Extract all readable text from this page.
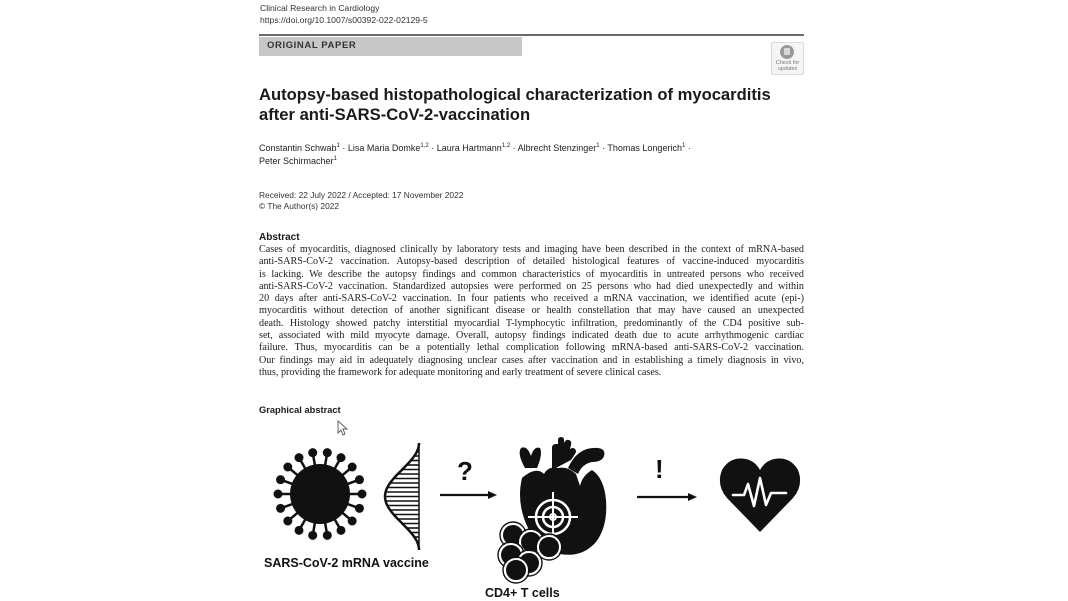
Clinical Research in Cardiology
https://doi.org/10.1007/s00392-022-02129-5
ORIGINAL PAPER
Check for
updates
Autopsy-based histopathological characterization of myocarditis
after anti-SARS-CoV-2-vaccination
Constantin Schwab$^1$ · Lisa Maria Domke$^{1,2}$ · Laura Hartmann$^{1,2}$ · Albrecht Stenzinger$^1$ · Thomas Longerich$^1$ ·
Peter Schirmacher$^1$
Received: 22 July 2022 / Accepted: 17 November 2022
© The Author(s) 2022
Abstract
Cases of myocarditis, diagnosed clinically by laboratory tests and imaging have been described in the context of mRNA-based
anti-SARS-CoV-2 vaccination. Autopsy-based description of detailed histological features of vaccine-induced myocarditis
is lacking. We describe the autopsy findings and common characteristics of myocarditis in untreated persons who received
anti-SARS-CoV-2 vaccination. Standardized autopsies were performed on 25 persons who had died unexpectedly and within
20 days after anti-SARS-CoV-2 vaccination. In four patients who received a mRNA vaccination, we identified acute (epi-)
myocarditis without detection of another significant disease or health constellation that may have caused an unexpected
death. Histology showed patchy interstitial myocardial T-lymphocytic infiltration, predominantly of the CD4 positive sub-
set, associated with mild myocyte damage. Overall, autopsy findings indicated death due to acute arrhythmogenic cardiac
failure. Thus, myocarditis can be a potentially lethal complication following mRNA-based anti-SARS-CoV-2 vaccination.
Our findings may aid in adequately diagnosing unclear cases after vaccination and in establishing a timely diagnosis in vivo,
thus, providing the framework for adequate monitoring and early treatment of severe clinical cases.
Graphical abstract
?	!
SARS-CoV-2 mRNA vaccine
CD4+ T cells
